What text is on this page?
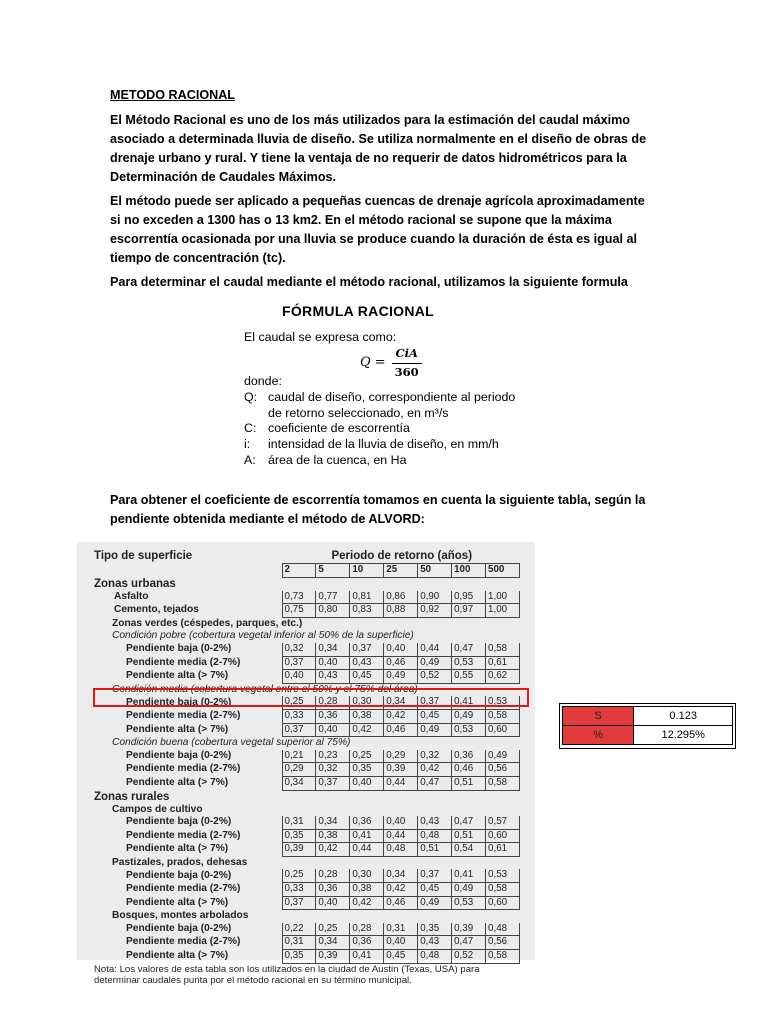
METODO RACIONAL
El Método Racional es uno de los más utilizados para la estimación del caudal máximo asociado a determinada lluvia de diseño. Se utiliza normalmente en el diseño de obras de drenaje urbano y rural. Y tiene la ventaja de no requerir de datos hidrométricos para la Determinación de Caudales Máximos.
El método puede ser aplicado a pequeñas cuencas de drenaje agrícola aproximadamente si no exceden a 1300 has o 13 km2. En el método racional se supone que la máxima escorrentía ocasionada por una lluvia se produce cuando la duración de ésta es igual al tiempo de concentración (tc).
Para determinar el caudal mediante el método racional, utilizamos la siguiente formula
FÓRMULA RACIONAL
El caudal se expresa como:
$Q = \frac{\text{CiA}}{360}$
donde:
Q: caudal de diseño, correspondiente al periodo
de retorno seleccionado, en m³/s
C: coeficiente de escorrentía
i:	intensidad de la lluvia de diseño, en mm/h
A: área de la cuenca, en Ha
Para obtener el coeficiente de escorrentía tomamos en cuenta la siguiente tabla, según la pendiente obtenida mediante el método de ALVORD:
Tipo de superficie	Periodo de retorno (años)						
	2	5	10	25	50	100	500
Zonas urbanas							
Asfalto	0,73	0,77	0,81	0,86	0,90	0,95	1,00
Cemento, tejados	0,75	0,80	0,83	0,88	0,92	0,97	1,00
Zonas verdes (céspedes, parques, etc.)							
Condición pobre (cobertura vegetal inferior al 50% de la superficie)							
Pendiente baja (0-2%)	0,32	0,34	0,37	0,40	0,44	0,47	0,58
Pendiente media (2-7%)	0,37	0,40	0,43	0,46	0,49	0,53	0,61
Pendiente alta (> 7%)	0,40	0,43	0,45	0,49	0,52	0,55	0,62
Condición media (cobertura vegetal entre el 50% y el 75% del área)							
Pendiente baja (0-2%)	0,25	0,28	0,30	0,34	0,37	0,41	0,53
Pendiente media (2-7%)	0,33	0,36	0,38	0,42	0,45	0,49	0,58
Pendiente alta (> 7%)	0,37	0,40	0,42	0,46	0,49	0,53	0,60
Condición buena (cobertura vegetal superior al 75%)							
Pendiente baja (0-2%)	0,21	0,23	0,25	0,29	0,32	0,36	0,49
Pendiente media (2-7%)	0,29	0,32	0,35	0,39	0,42	0,46	0,56
Pendiente alta (> 7%)	0,34	0,37	0,40	0,44	0,47	0,51	0,58
Zonas rurales							
Campos de cultivo							
Pendiente baja (0-2%)	0,31	0,34	0,36	0,40	0,43	0,47	0,57
Pendiente media (2-7%)	0,35	0,38	0,41	0,44	0,48	0,51	0,60
Pendiente alta (> 7%)	0,39	0,42	0,44	0,48	0,51	0,54	0,61
Pastizales, prados, dehesas							
Pendiente baja (0-2%)	0,25	0,28	0,30	0,34	0,37	0,41	0,53
Pendiente media (2-7%)	0,33	0,36	0,38	0,42	0,45	0,49	0,58
Pendiente alta (> 7%)	0,37	0,40	0,42	0,46	0,49	0,53	0,60
Bosques, montes arbolados							
Pendiente baja (0-2%)	0,22	0,25	0,28	0,31	0,35	0,39	0,48
Pendiente media (2-7%)	0,31	0,34	0,36	0,40	0,43	0,47	0,56
Pendiente alta (> 7%)	0,35	0,39	0,41	0,45	0,48	0,52	0,58
Nota: Los valores de esta tabla son los utilizados en la ciudad de Austin (Texas, USA) para determinar caudales punta por el método racional en su término municipal.							
S	0.123
%	12.295%
